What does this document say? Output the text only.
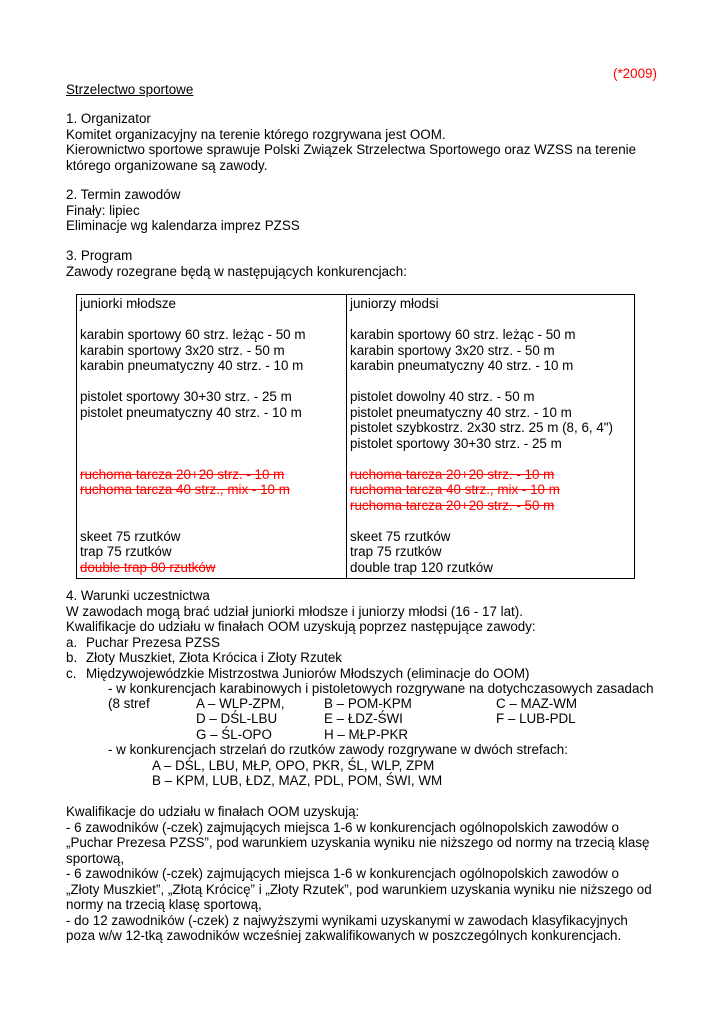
(*2009)
Strzelectwo sportowe
1. Organizator
Komitet organizacyjny na terenie którego rozgrywana jest OOM.
Kierownictwo sportowe sprawuje Polski Związek Strzelectwa Sportowego oraz WZSS na terenie
którego organizowane są zawody.
2. Termin zawodów
Finały: lipiec
Eliminacje wg kalendarza imprez PZSS
3. Program
Zawody rozegrane będą w następujących konkurencjach:
juniorki młodsze
karabin sportowy 60 strz. leżąc - 50 m
karabin sportowy 3x20 strz. - 50 m
karabin pneumatyczny 40 strz. - 10 m
pistolet sportowy 30+30 strz. - 25 m
pistolet pneumatyczny 40 strz. - 10 m
ruchoma tarcza 20+20 strz. - 10 m
ruchoma tarcza 40 strz., mix - 10 m
skeet 75 rzutków
trap 75 rzutków
double trap 80 rzutków

juniorzy młodsi
karabin sportowy 60 strz. leżąc - 50 m
karabin sportowy 3x20 strz. - 50 m
karabin pneumatyczny 40 strz. - 10 m
pistolet dowolny 40 strz. - 50 m
pistolet pneumatyczny 40 strz. - 10 m
pistolet szybkostrz. 2x30 strz. 25 m (8, 6, 4")
pistolet sportowy 30+30 strz. - 25 m
ruchoma tarcza 20+20 strz. - 10 m
ruchoma tarcza 40 strz., mix - 10 m
ruchoma tarcza 20+20 strz. - 50 m
skeet 75 rzutków
trap 75 rzutków
double trap 120 rzutków
4. Warunki uczestnictwa
W zawodach mogą brać udział juniorki młodsze i juniorzy młodsi (16 - 17 lat).
Kwalifikacje do udziału w finałach OOM uzyskują poprzez następujące zawody:
a. Puchar Prezesa PZSS
b. Złoty Muszkiet, Złota Krócica i Złoty Rzutek
c. Międzywojewódzkie Mistrzostwa Juniorów Młodszych (eliminacje do OOM)
- w konkurencjach karabinowych i pistoletowych rozgrywane na dotychczasowych zasadach
(8 stref	A – WLP-ZPM,	B – POM-KPM	C – MAZ-WM
D – DŚL-LBU	E – ŁDZ-ŚWI	F – LUB-PDL
G – ŚL-OPO	H – MŁP-PKR
- w konkurencjach strzelań do rzutków zawody rozgrywane w dwóch strefach:
A – DŚL, LBU, MŁP, OPO, PKR, ŚL, WLP, ZPM
B – KPM, LUB, ŁDZ, MAZ, PDL, POM, ŚWI, WM
Kwalifikacje do udziału w finałach OOM uzyskują:
- 6 zawodników (-czek) zajmujących miejsca 1-6 w konkurencjach ogólnopolskich zawodów o
„Puchar Prezesa PZSS”, pod warunkiem uzyskania wyniku nie niższego od normy na trzecią klasę
sportową,
- 6 zawodników (-czek) zajmujących miejsca 1-6 w konkurencjach ogólnopolskich zawodów o
„Złoty Muszkiet”, „Złotą Krócicę” i „Złoty Rzutek”, pod warunkiem uzyskania wyniku nie niższego od
normy na trzecią klasę sportową,
- do 12 zawodników (-czek) z najwyższymi wynikami uzyskanymi w zawodach klasyfikacyjnych
poza w/w 12-tką zawodników wcześniej zakwalifikowanych w poszczególnych konkurencjach.
